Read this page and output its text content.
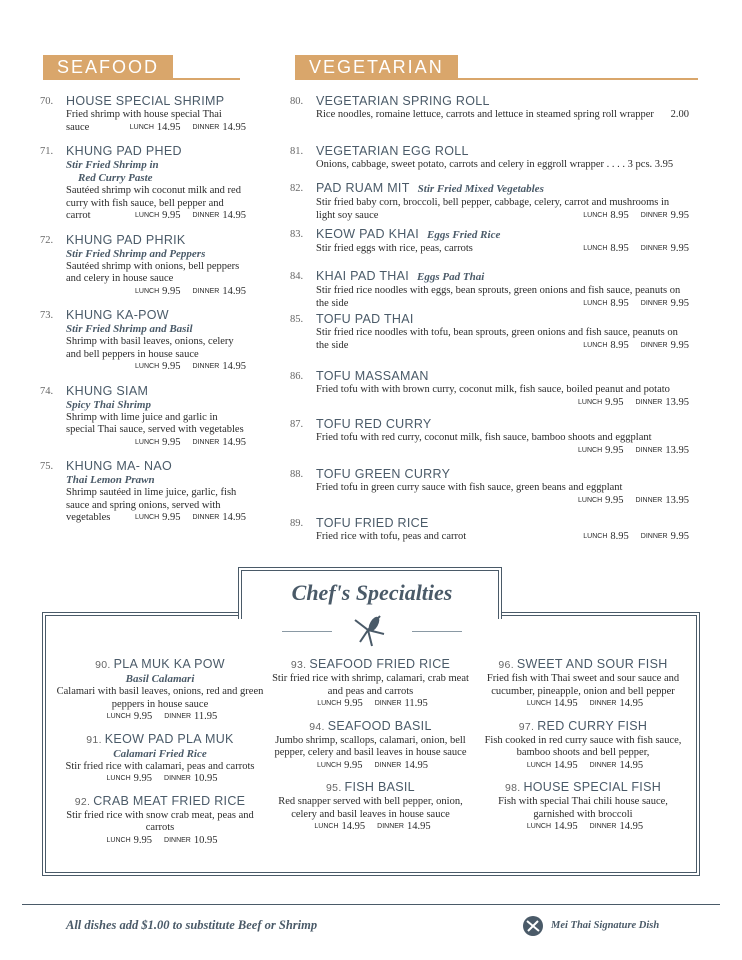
SEAFOOD	VEGETARIAN
70. HOUSE SPECIAL SHRIMP
Fried shrimp with house special Thai sauce	LUNCH 14.95 DINNER 14.95
71. KHUNG PAD PHED
Stir Fried Shrimp in
Red Curry Paste
Sautéed shrimp wih coconut milk and red curry with fish sauce, bell pepper and carrot	LUNCH 9.95 DINNER 14.95
72. KHUNG PAD PHRIK
Stir Fried Shrimp and Peppers
Sautéed shrimp with onions, bell peppers and celery in house sauce
LUNCH 9.95 DINNER 14.95
73. KHUNG KA-POW
Stir Fried Shrimp and Basil
Shrimp with basil leaves, onions, celery and bell peppers in house sauce
LUNCH 9.95 DINNER 14.95
74. KHUNG SIAM
Spicy Thai Shrimp
Shrimp with lime juice and garlic in special Thai sauce, served with vegetables
LUNCH 9.95 DINNER 14.95
75. KHUNG MA- NAO
Thai Lemon Prawn
Shrimp sautéed in lime juice, garlic, fish sauce and spring onions, served with vegetables	LUNCH 9.95 DINNER 14.95
80. VEGETARIAN SPRING ROLL
Rice noodles, romaine lettuce, carrots and lettuce in steamed spring roll wrapper 2.00
81. VEGETARIAN EGG ROLL
Onions, cabbage, sweet potato, carrots and celery in eggroll wrapper . . . . 3 pcs. 3.95
82. PAD RUAM MIT Stir Fried Mixed Vegetables
Stir fried baby corn, broccoli, bell pepper, cabbage, celery, carrot and mushrooms in light soy sauce	LUNCH 8.95 DINNER 9.95
83. KEOW PAD KHAI Eggs Fried Rice
Stir fried eggs with rice, peas, carrots	LUNCH 8.95 DINNER 9.95
84. KHAI PAD THAI Eggs Pad Thai
Stir fried rice noodles with eggs, bean sprouts, green onions and fish sauce, peanuts on the side	LUNCH 8.95 DINNER 9.95
85. TOFU PAD THAI
Stir fried rice noodles with tofu, bean sprouts, green onions and fish sauce, peanuts on the side	LUNCH 8.95 DINNER 9.95
86. TOFU MASSAMAN
Fried tofu with with brown curry, coconut milk, fish sauce, boiled peanut and potato
LUNCH 9.95 DINNER 13.95
87. TOFU RED CURRY
Fried tofu with red curry, coconut milk, fish sauce, bamboo shoots and eggplant
LUNCH 9.95 DINNER 13.95
88. TOFU GREEN CURRY
Fried tofu in green curry sauce with fish sauce, green beans and eggplant
LUNCH 9.95 DINNER 13.95
89. TOFU FRIED RICE
Fried rice with tofu, peas and carrot	LUNCH 8.95 DINNER 9.95
Chef's Specialties
90. PLA MUK KA POW
Basil Calamari
Calamari with basil leaves, onions, red and green peppers in house sauce
LUNCH 9.95 DINNER 11.95
91. KEOW PAD PLA MUK
Calamari Fried Rice
Stir fried rice with calamari, peas and carrots
LUNCH 9.95 DINNER 10.95
92. CRAB MEAT FRIED RICE
Stir fried rice with snow crab meat, peas and carrots
LUNCH 9.95 DINNER 10.95
93. SEAFOOD FRIED RICE
Stir fried rice with shrimp, calamari, crab meat and peas and carrots
LUNCH 9.95 DINNER 11.95
94. SEAFOOD BASIL
Jumbo shrimp, scallops, calamari, onion, bell pepper, celery and basil leaves in house sauce
LUNCH 9.95 DINNER 14.95
95. FISH BASIL
Red snapper served with bell pepper, onion, celery and basil leaves in house sauce
LUNCH 14.95 DINNER 14.95
96. SWEET AND SOUR FISH
Fried fish with Thai sweet and sour sauce and cucumber, pineapple, onion and bell pepper
LUNCH 14.95 DINNER 14.95
97. RED CURRY FISH
Fish cooked in red curry sauce with fish sauce, bamboo shoots and bell pepper,
LUNCH 14.95 DINNER 14.95
98. HOUSE SPECIAL FISH
Fish with special Thai chili house sauce, garnished with broccoli
LUNCH 14.95 DINNER 14.95
All dishes add $1.00 to substitute Beef or Shrimp	Mei Thai Signature Dish
